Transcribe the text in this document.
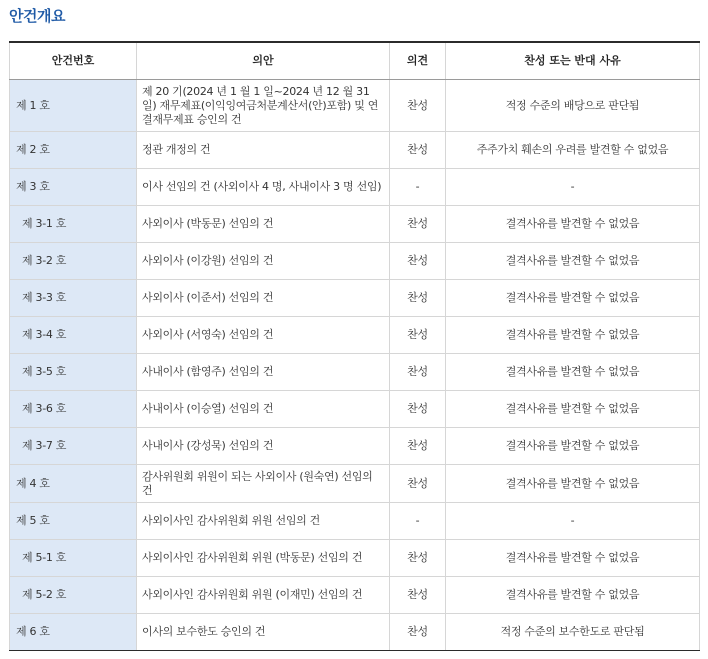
안건개요
안건번호	의안	의견	찬성 또는 반대 사유
제 1 호	제 20 기(2024 년 1 월 1 일~2024 년 12 월 31 일) 재무제표(이익잉여금처분계산서(안)포함) 및 연결재무제표 승인의 건	찬성	적정 수준의 배당으로 판단됨
제 2 호	정관 개정의 건	찬성	주주가치 훼손의 우려를 발견할 수 없었음
제 3 호	이사 선임의 건 (사외이사 4 명, 사내이사 3 명 선임)	-	-
제 3-1 호	사외이사 (박동문) 선임의 건	찬성	결격사유를 발견할 수 없었음
제 3-2 호	사외이사 (이강원) 선임의 건	찬성	결격사유를 발견할 수 없었음
제 3-3 호	사외이사 (이준서) 선임의 건	찬성	결격사유를 발견할 수 없었음
제 3-4 호	사외이사 (서영숙) 선임의 건	찬성	결격사유를 발견할 수 없었음
제 3-5 호	사내이사 (함영주) 선임의 건	찬성	결격사유를 발견할 수 없었음
제 3-6 호	사내이사 (이승열) 선임의 건	찬성	결격사유를 발견할 수 없었음
제 3-7 호	사내이사 (강성묵) 선임의 건	찬성	결격사유를 발견할 수 없었음
제 4 호	감사위원회 위원이 되는 사외이사 (원숙연) 선임의 건	찬성	결격사유를 발견할 수 없었음
제 5 호	사외이사인 감사위원회 위원 선임의 건	-	-
제 5-1 호	사외이사인 감사위원회 위원 (박동문) 선임의 건	찬성	결격사유를 발견할 수 없었음
제 5-2 호	사외이사인 감사위원회 위원 (이재민) 선임의 건	찬성	결격사유를 발견할 수 없었음
제 6 호	이사의 보수한도 승인의 건	찬성	적정 수준의 보수한도로 판단됨
